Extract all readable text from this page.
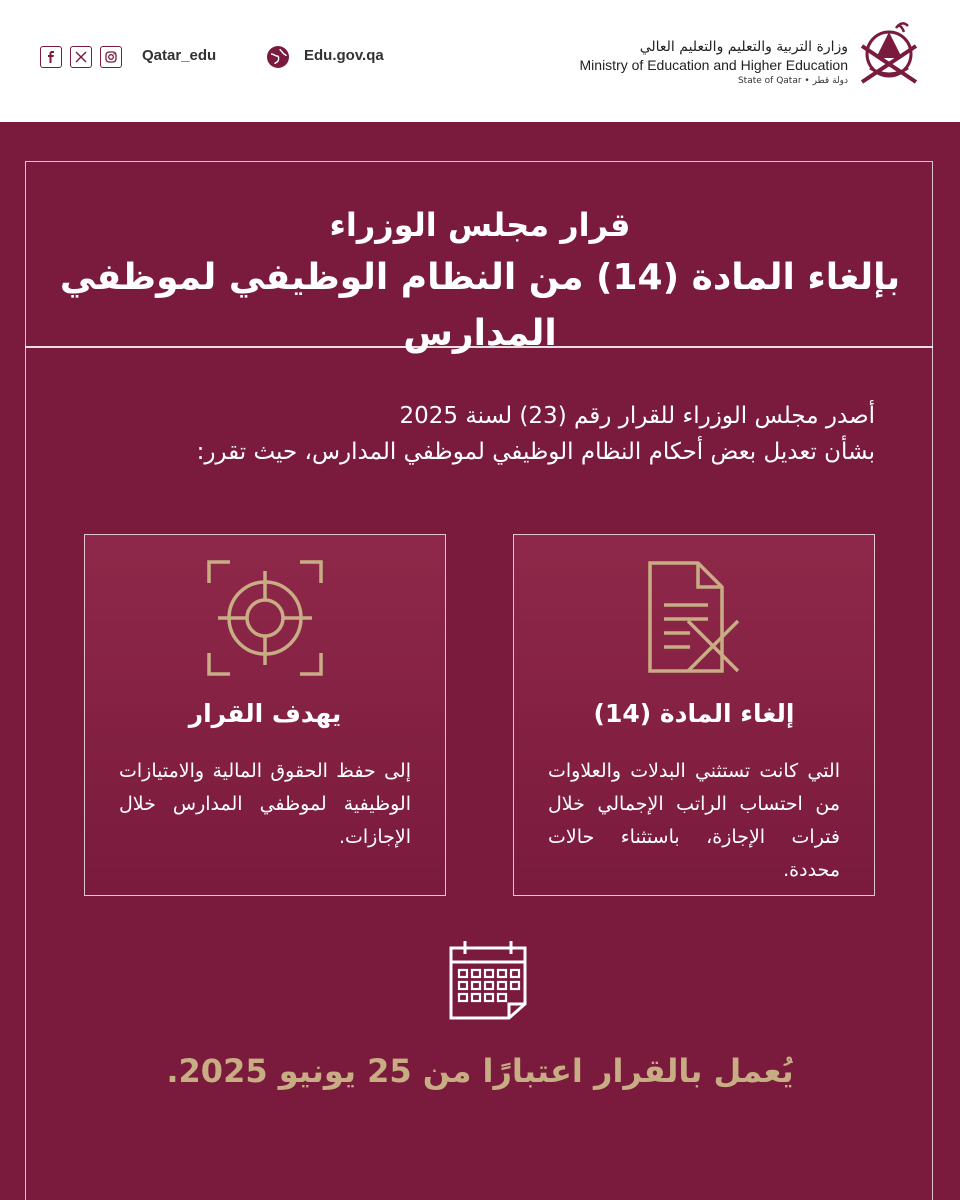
Qatar_edu	Edu.gov.qa	وزارة التربية والتعليم والتعليم العالي
Ministry of Education and Higher Education
State of Qatar • دولة قطر
قرار مجلس الوزراء
بإلغاء المادة (14) من النظام الوظيفي لموظفي المدارس
أصدر مجلس الوزراء للقرار رقم (23) لسنة 2025
بشأن تعديل بعض أحكام النظام الوظيفي لموظفي المدارس، حيث تقرر:
إلغاء المادة (14)
التي كانت تستثني البدلات والعلاوات من احتساب الراتب الإجمالي خلال فترات الإجازة، باستثناء حالات محددة.
يهدف القرار
إلى حفظ الحقوق المالية والامتيازات الوظيفية لموظفي المدارس خلال الإجازات.
يُعمل بالقرار اعتبارًا من 25 يونيو 2025.
